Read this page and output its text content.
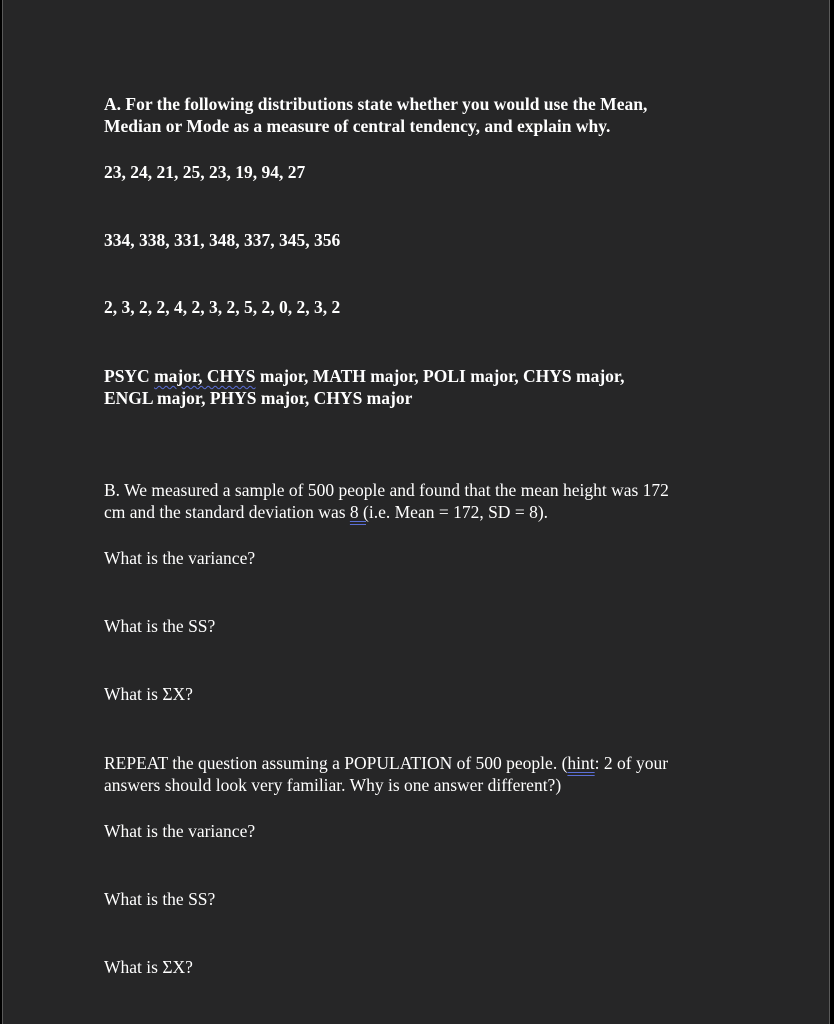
A. For the following distributions state whether you would use the Mean,
Median or Mode as a measure of central tendency, and explain why.
23, 24, 21, 25, 23, 19, 94, 27
334, 338, 331, 348, 337, 345, 356
2, 3, 2, 2, 4, 2, 3, 2, 5, 2, 0, 2, 3, 2
PSYC major, CHYS major, MATH major, POLI major, CHYS major,
ENGL major, PHYS major, CHYS major
B. We measured a sample of 500 people and found that the mean height was 172
cm and the standard deviation was 8 (i.e. Mean = 172, SD = 8).
What is the variance?
What is the SS?
What is ΣX?
REPEAT the question assuming a POPULATION of 500 people. (hint: 2 of your
answers should look very familiar. Why is one answer different?)
What is the variance?
What is the SS?
What is ΣX?
